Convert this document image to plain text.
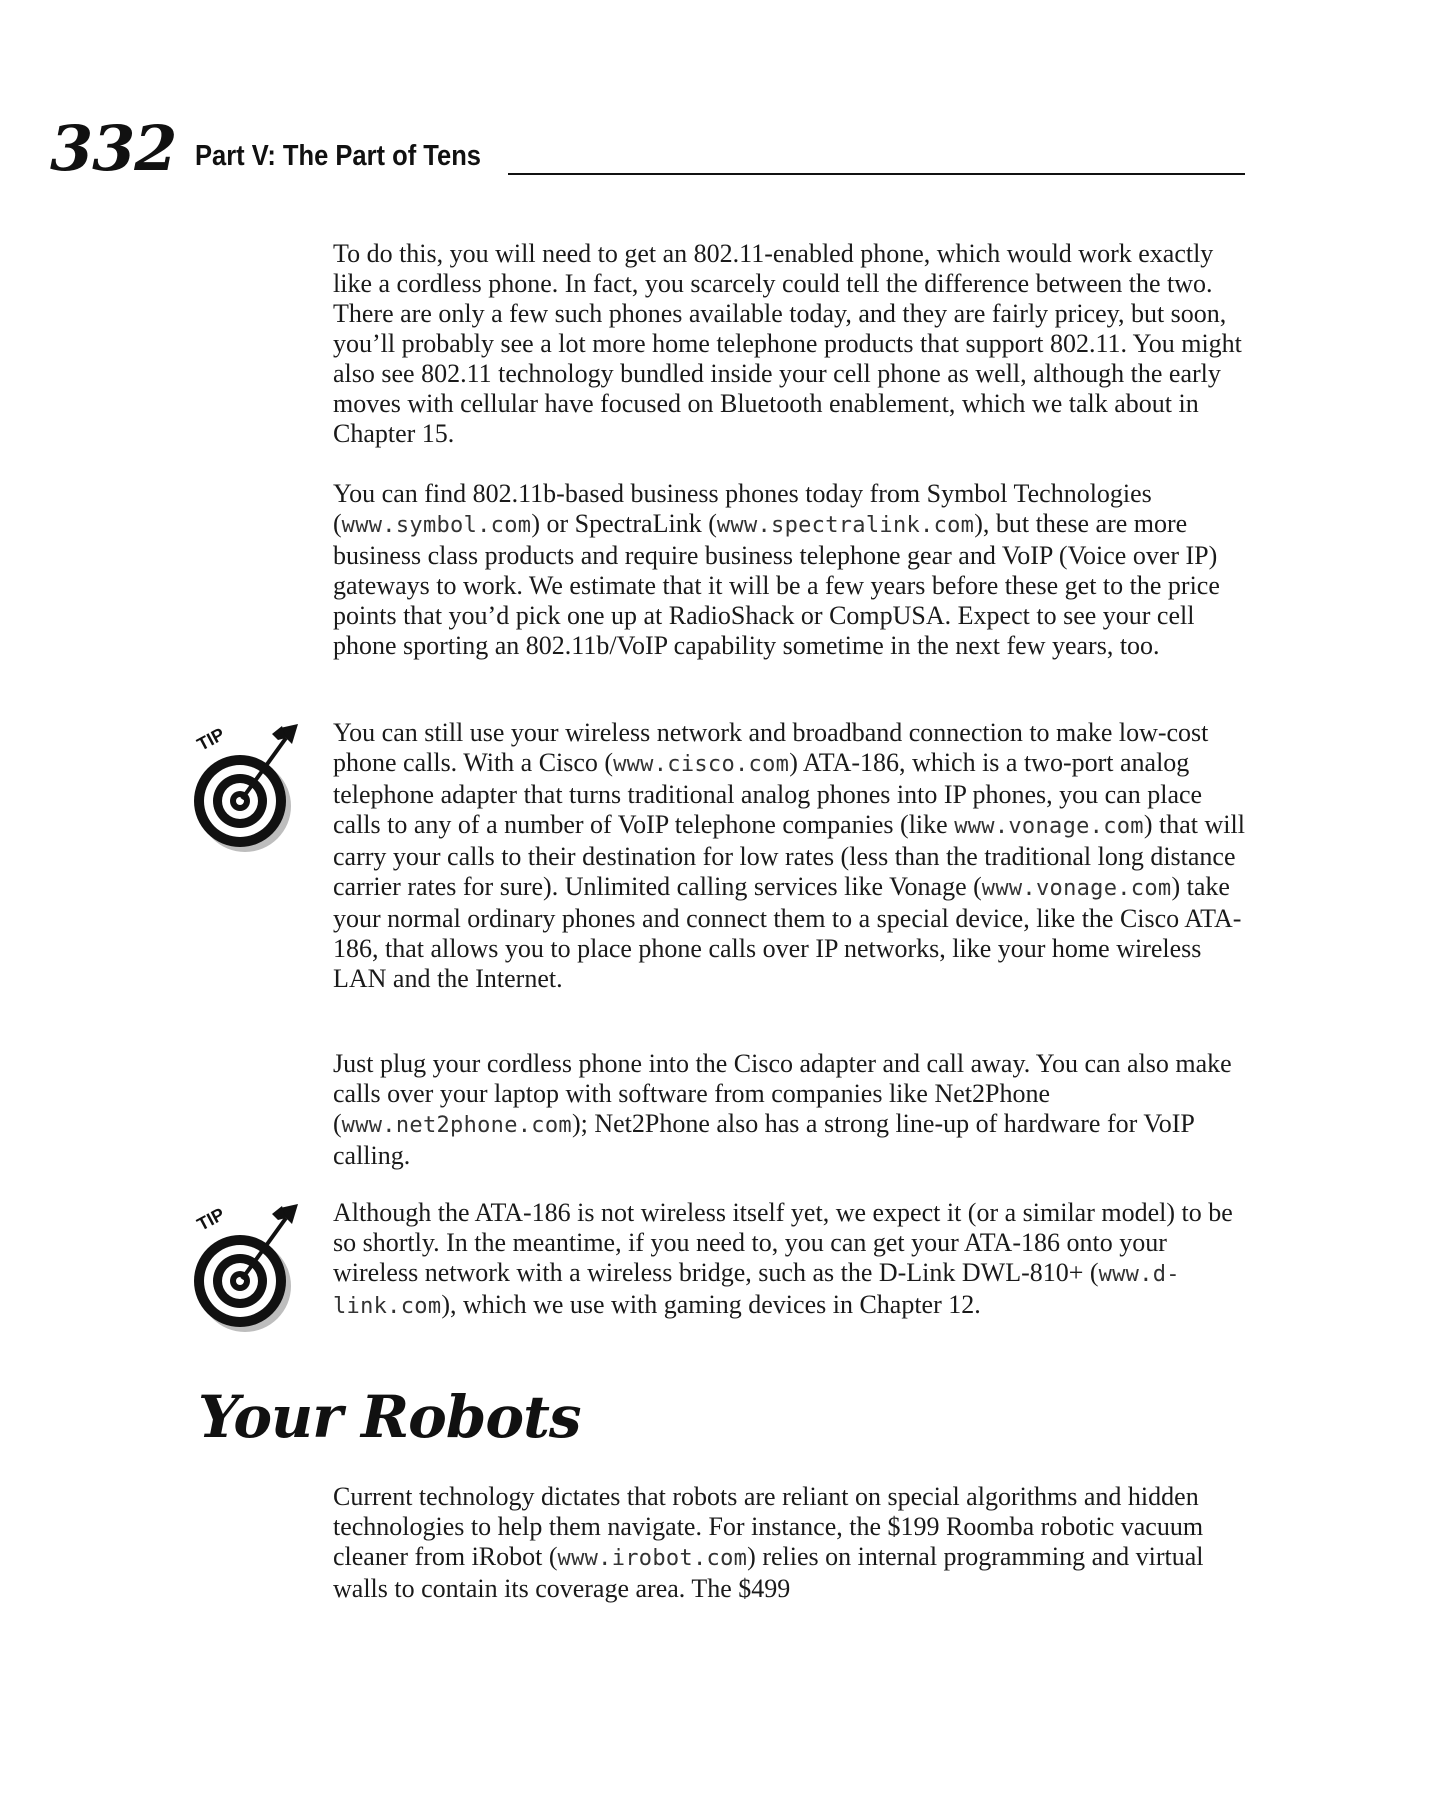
332 Part V: The Part of Tens

To do this, you will need to get an 802.11-enabled phone, which would work exactly like a cordless phone. In fact, you scarcely could tell the difference between the two. There are only a few such phones available today, and they are fairly pricey, but soon, you’ll probably see a lot more home telephone products that support 802.11. You might also see 802.11 technology bundled inside your cell phone as well, although the early moves with cellular have focused on Bluetooth enablement, which we talk about in Chapter 15.

You can find 802.11b-based business phones today from Symbol Technologies (www.symbol.com) or SpectraLink (www.spectralink.com), but these are more business class products and require business telephone gear and VoIP (Voice over IP) gateways to work. We estimate that it will be a few years before these get to the price points that you’d pick one up at RadioShack or CompUSA. Expect to see your cell phone sporting an 802.11b/VoIP capability sometime in the next few years, too.

TIP	You can still use your wireless network and broadband connection to make low-cost phone calls. With a Cisco (www.cisco.com) ATA-186, which is a two-port analog telephone adapter that turns traditional analog phones into IP phones, you can place calls to any of a number of VoIP telephone companies (like www.vonage.com) that will carry your calls to their destination for low rates (less than the traditional long distance carrier rates for sure). Unlimited calling services like Vonage (www.vonage.com) take your normal ordinary phones and connect them to a special device, like the Cisco ATA-186, that allows you to place phone calls over IP networks, like your home wireless LAN and the Internet.

Just plug your cordless phone into the Cisco adapter and call away. You can also make calls over your laptop with software from companies like Net2Phone (www.net2phone.com); Net2Phone also has a strong line-up of hardware for VoIP calling.

TIP	Although the ATA-186 is not wireless itself yet, we expect it (or a similar model) to be so shortly. In the meantime, if you need to, you can get your ATA-186 onto your wireless network with a wireless bridge, such as the D-Link DWL-810+ (www.d-link.com), which we use with gaming devices in Chapter 12.

Your Robots

Current technology dictates that robots are reliant on special algorithms and hidden technologies to help them navigate. For instance, the $199 Roomba robotic vacuum cleaner from iRobot (www.irobot.com) relies on internal programming and virtual walls to contain its coverage area. The $499
